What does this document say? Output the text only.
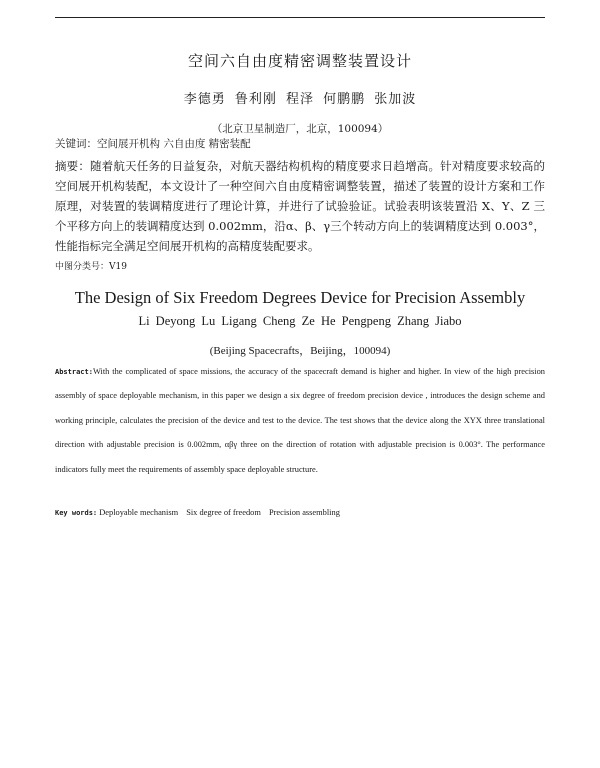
空间六自由度精密调整装置设计
李德勇 鲁利刚 程泽 何鹏鹏 张加波
（北京卫星制造厂，北京，100094）
关键词：空间展开机构 六自由度 精密装配
摘要：随着航天任务的日益复杂，对航天器结构机构的精度要求日趋增高。针对精度要求较高的空间展开机构装配，本文设计了一种空间六自由度精密调整装置，描述了装置的设计方案和工作原理，对装置的装调精度进行了理论计算，并进行了试验验证。试验表明该装置沿 X、Y、Z 三个平移方向上的装调精度达到 0.002mm，沿α、β、γ三个转动方向上的装调精度达到 0.003°，性能指标完全满足空间展开机构的高精度装配要求。
中图分类号：V19
The Design of Six Freedom Degrees Device for Precision Assembly
Li Deyong Lu Ligang Cheng Ze He Pengpeng Zhang Jiabo
(Beijing Spacecrafts，Beijing，100094)
Abstract:With the complicated of space missions, the accuracy of the spacecraft demand is higher and higher. In view of the high precision assembly of space deployable mechanism, in this paper we design a six degree of freedom precision device , introduces the design scheme and working principle, calculates the precision of the device and test to the device. The test shows that the device along the XYX three translational direction with adjustable precision is 0.002mm, αβγ three on the direction of rotation with adjustable precision is 0.003°. The performance indicators fully meet the requirements of assembly space deployable structure.
Key words: Deployable mechanism Six degree of freedom Precision assembling
